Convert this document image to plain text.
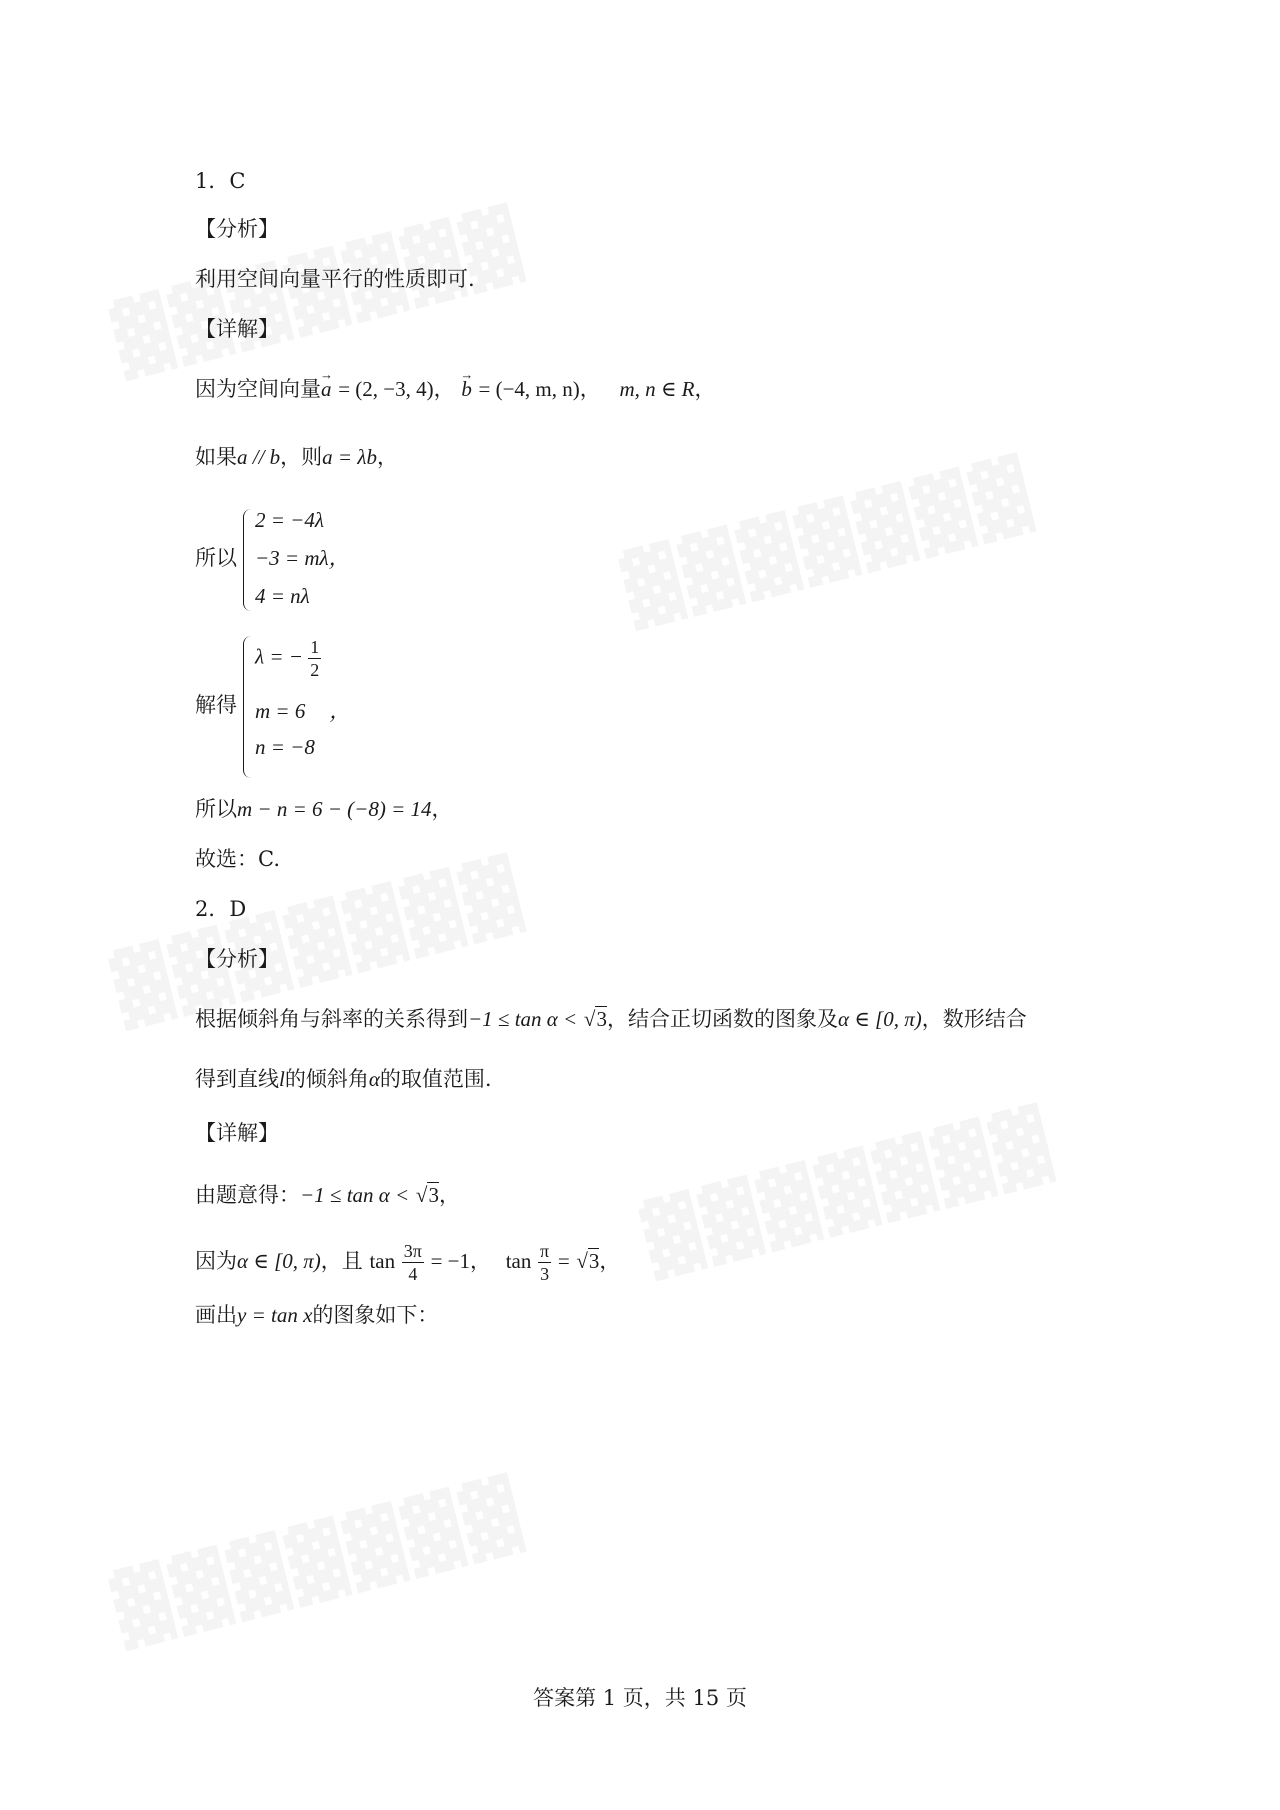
1．C
【分析】
利用空间向量平行的性质即可.
【详解】
因为空间向量→ a = (2, −3, 4)， → b = (−4, m, n)， m, n ∈ R，
如果a // b，则a = λb，
所以
2 = −4λ
−3 = mλ，
4 = nλ
解得
λ = − $\frac{1}{2}$
m = 6 ，
n = −8
所以m − n = 6 − (−8) = 14，
故选：C.
2．D
【分析】
根据倾斜角与斜率的关系得到−1 ≤ tan α < √3，结合正切函数的图象及α ∈ [0, π)，数形结合
得到直线l的倾斜角α的取值范围.
【详解】
由题意得：−1 ≤ tan α < √3，
因为α ∈ [0, π)，且 $\tan \frac{3\pi}{4} = -1$， $\tan \frac{\pi}{3} = √3$，
画出y = tan x的图象如下：
答案第 1 页，共 15 页
